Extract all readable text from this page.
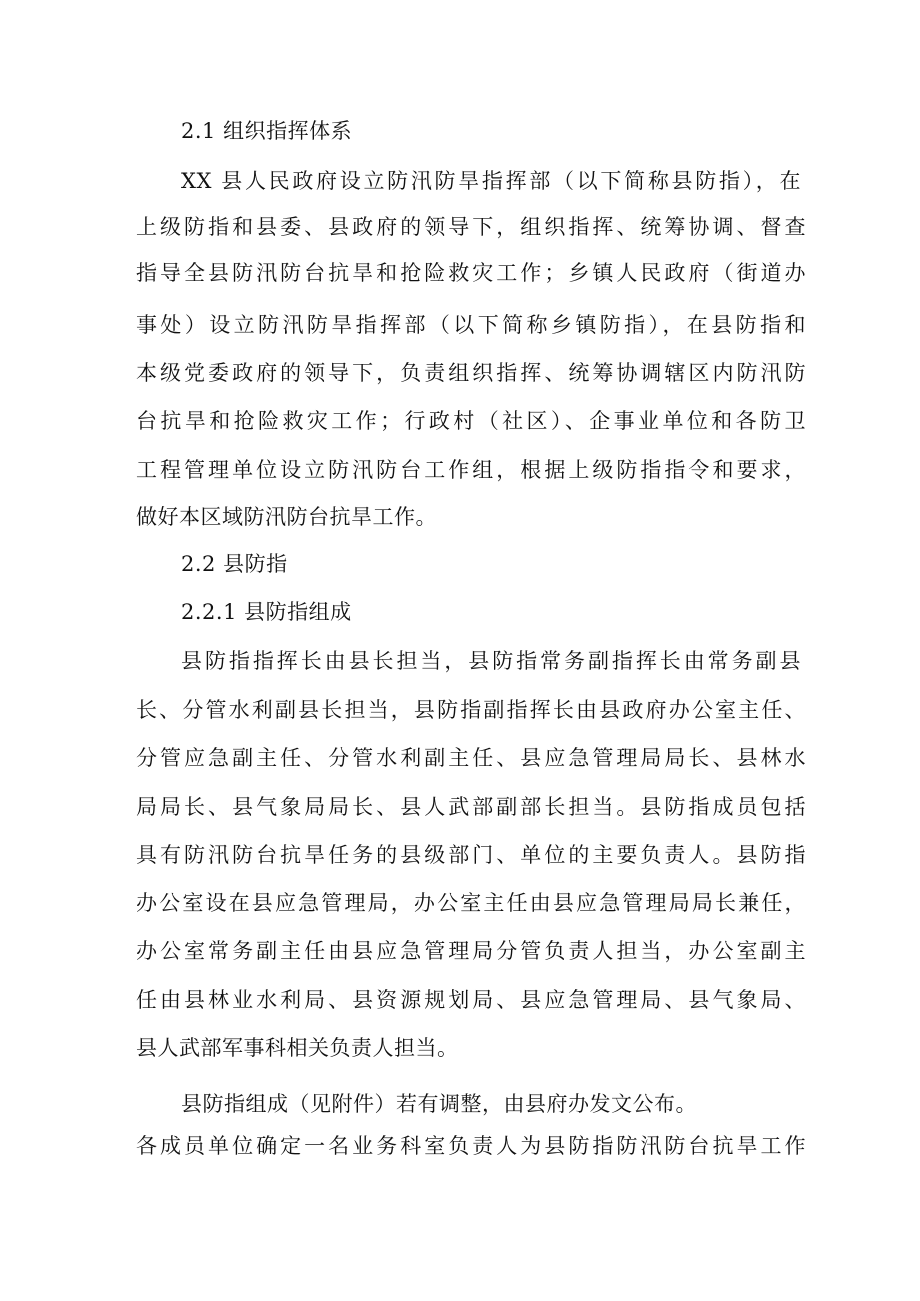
2.1 组织指挥体系
XX 县人民政府设立防汛防旱指挥部（以下简称县防指），在
上级防指和县委、县政府的领导下，组织指挥、统筹协调、督查
指导全县防汛防台抗旱和抢险救灾工作；乡镇人民政府（街道办
事处）设立防汛防旱指挥部（以下简称乡镇防指），在县防指和
本级党委政府的领导下，负责组织指挥、统筹协调辖区内防汛防
台抗旱和抢险救灾工作；行政村（社区）、企事业单位和各防卫
工程管理单位设立防汛防台工作组，根据上级防指指令和要求，
做好本区域防汛防台抗旱工作。
2.2 县防指
2.2.1 县防指组成
县防指指挥长由县长担当，县防指常务副指挥长由常务副县
长、分管水利副县长担当，县防指副指挥长由县政府办公室主任、
分管应急副主任、分管水利副主任、县应急管理局局长、县林水
局局长、县气象局局长、县人武部副部长担当。县防指成员包括
具有防汛防台抗旱任务的县级部门、单位的主要负责人。县防指
办公室设在县应急管理局，办公室主任由县应急管理局局长兼任，
办公室常务副主任由县应急管理局分管负责人担当，办公室副主
任由县林业水利局、县资源规划局、县应急管理局、县气象局、
县人武部军事科相关负责人担当。
县防指组成（见附件）若有调整，由县府办发文公布。
各成员单位确定一名业务科室负责人为县防指防汛防台抗旱工作
